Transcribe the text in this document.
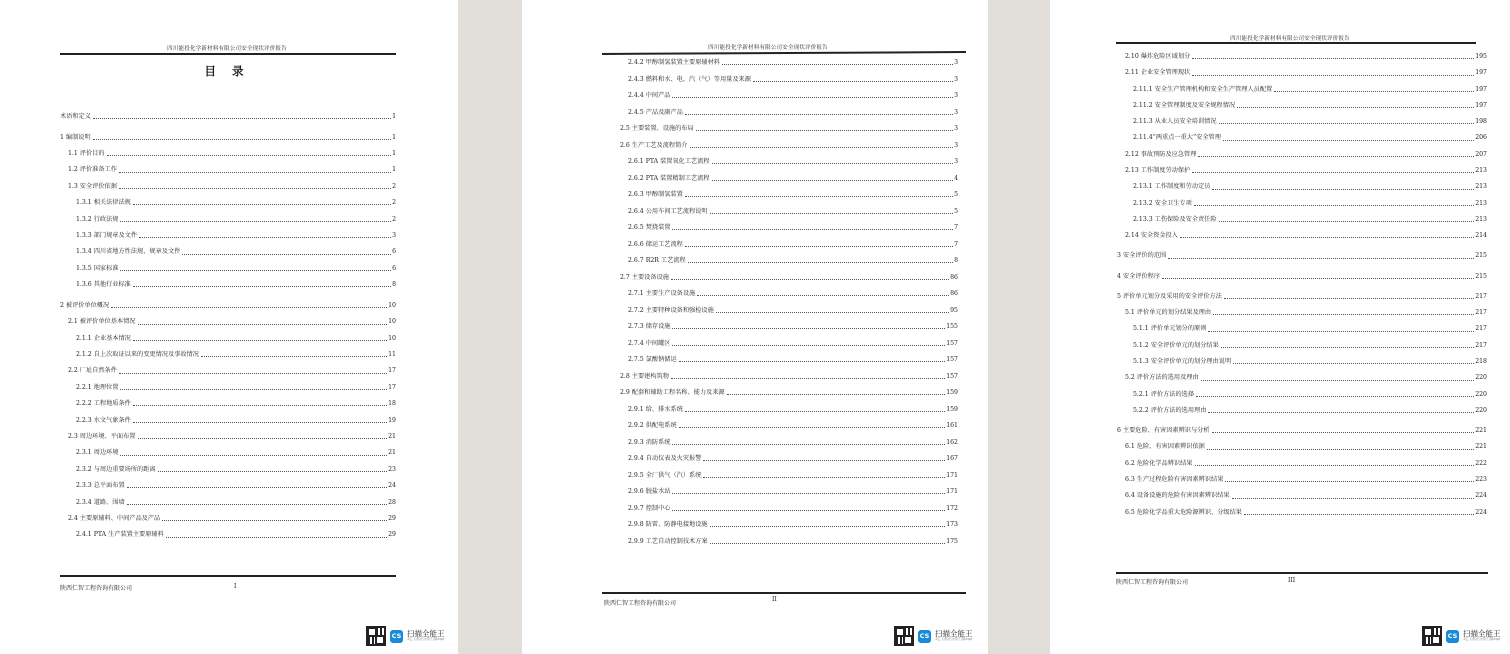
四川能投化学新材料有限公司安全现状评价报告
目 录
术语和定义	1
1 编制说明	1
1.1 评价目的	1
1.2 评价准备工作	1
1.3 安全评价依据	2
1.3.1 相关法律法规	2
1.3.2 行政法规	2
1.3.3 部门规章及文件	3
1.3.4 四川省地方性法规、规章及文件	6
1.3.5 国家标准	6
1.3.6 其他行业标准	8
2 被评价单位概况	10
2.1 被评价单位基本情况	10
2.1.1 企业基本情况	10
2.1.2 自上次取证以来的变更情况及事故情况	11
2.2 厂址自然条件	17
2.2.1 地理位置	17
2.2.2 工程地质条件	18
2.2.3 水文气象条件	19
2.3 周边环境、平面布置	21
2.3.1 周边环境	21
2.3.2 与周边重要场所的距离	23
2.3.3 总平面布置	24
2.3.4 道路、围墙	28
2.4 主要原辅料、中间产品及产品	29
2.4.1 PTA 生产装置主要原辅料	29
陕西仁智工程咨询有限公司	I
四川能投化学新材料有限公司安全现状评价报告
2.4.2 甲醇制氢装置主要原辅材料	3
2.4.3 燃料和水、电、汽（气）等用量及来源	3
2.4.4 中间产品	3
2.4.5 产品及副产品	3
2.5 主要装置、设施的布局	3
2.6 生产工艺及流程简介	3
2.6.1 PTA 装置氧化工艺流程	3
2.6.2 PTA 装置精制工艺流程	4
2.6.3 甲醇制氢装置	5
2.6.4 公用车间工艺流程说明	5
2.6.5 焚烧装置	7
2.6.6 储运工艺流程	7
2.6.7 R2R 工艺流程	8
2.7 主要设备设施	86
2.7.1 主要生产设备设施	86
2.7.2 主要特种设备和强检设施	95
2.7.3 储存设施	155
2.7.4 中间罐区	157
2.7.5 氯酸钠储运	157
2.8 主要建构筑物	157
2.9 配套和辅助工程名称、能力及来源	159
2.9.1 给、排水系统	159
2.9.2 供配电系统	161
2.9.3 消防系统	162
2.9.4 自动仪表及火灾报警	167
2.9.5 全厂供气（汽）系统	171
2.9.6 脱盐水站	171
2.9.7 控制中心	172
2.9.8 防雷、防静电接地设施	173
2.9.9 工艺自动控制技术方案	175
陕西仁智工程咨询有限公司
II
四川能投化学新材料有限公司安全现状评价报告
2.10 爆炸危险区域划分	195
2.11 企业安全管理现状	197
2.11.1 安全生产管理机构和安全生产管理人员配置	197
2.11.2 安全管理制度及安全规程情况	197
2.11.3 从业人员安全培训情况	198
2.11.4“两重点一重大”安全管理	206
2.12 事故预防及应急管理	207
2.13 工作制度劳动保护	213
2.13.1 工作制度和劳动定员	213
2.13.2 安全卫生专项	213
2.13.3 工伤保险及安全责任险	213
2.14 安全资金投入	214
3 安全评价的范围	215
4 安全评价程序	215
5 评价单元划分及采用的安全评价方法	217
5.1 评价单元的划分结果及理由	217
5.1.1 评价单元划分的原则	217
5.1.2 安全评价单元的划分结果	217
5.1.3 安全评价单元的划分理由说明	218
5.2 评价方法的选用及理由	220
5.2.1 评价方法的选择	220
5.2.2 评价方法的选用理由	220
6 主要危险、有害因素辨识与分析	221
6.1 危险、有害因素辨识依据	221
6.2 危险化学品辨识结果	222
6.3 生产过程危险有害因素辨识结果	223
6.4 设备设施的危险有害因素辨识结果	224
6.5 危险化学品重大危险源辨识、分级结果	224
陕西仁智工程咨询有限公司	III
CS 扫描全能王
3亿人都在用的扫描App	CS 扫描全能王
3亿人都在用的扫描App	CS 扫描全能王
3亿人都在用的扫描App
